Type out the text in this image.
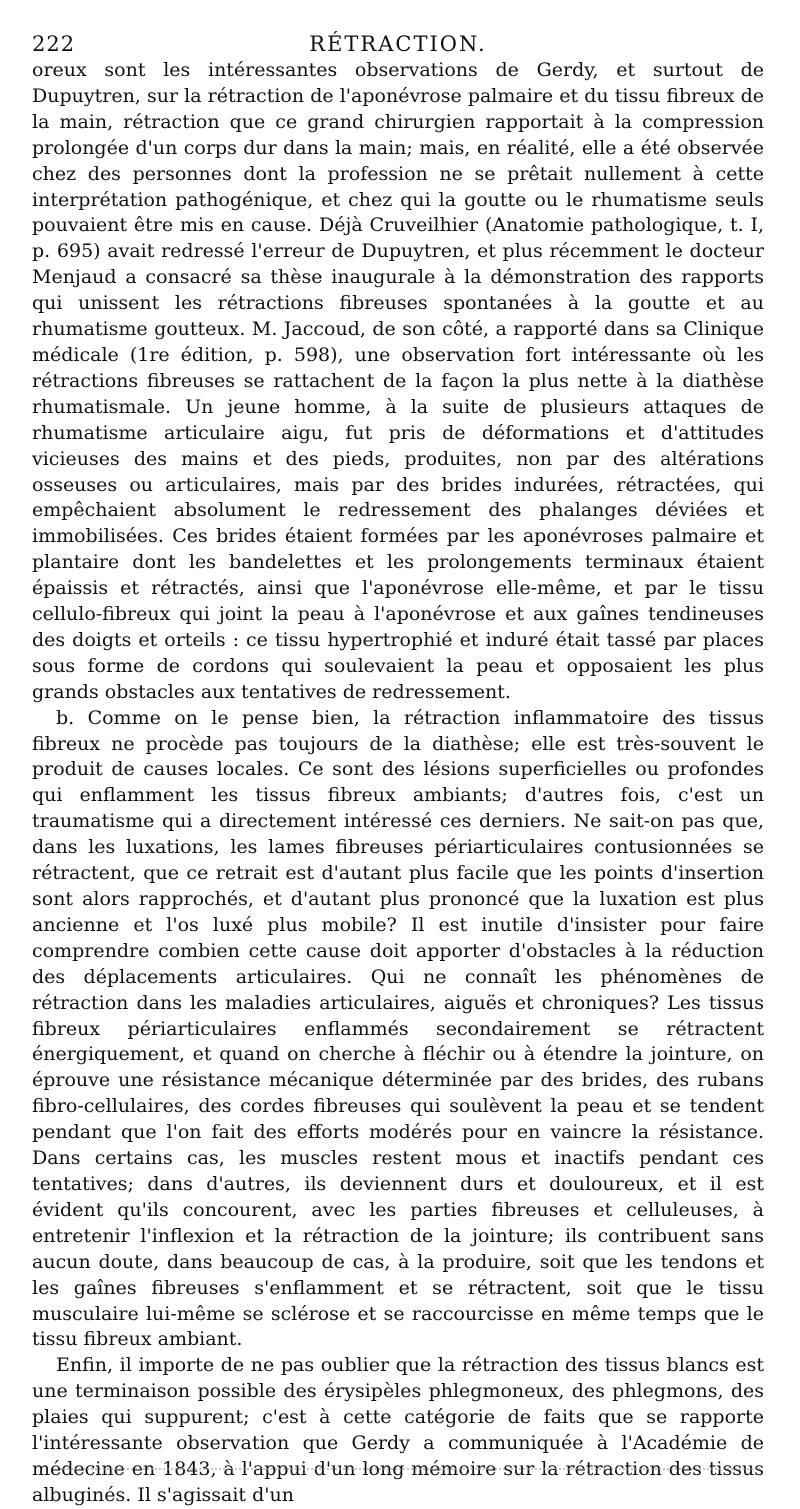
222	RÉTRACTION.

oreux sont les intéressantes observations de Gerdy, et surtout de Dupuytren, sur la rétraction de l'aponévrose palmaire et du tissu fibreux de la main, rétraction que ce grand chirurgien rapportait à la compression prolongée d'un corps dur dans la main; mais, en réalité, elle a été observée chez des personnes dont la profession ne se prêtait nullement à cette interprétation pathogénique, et chez qui la goutte ou le rhumatisme seuls pouvaient être mis en cause. Déjà Cruveilhier (Anatomie pathologique, t. I, p. 695) avait redressé l'erreur de Dupuytren, et plus récemment le docteur Menjaud a consacré sa thèse inaugurale à la démonstration des rapports qui unissent les rétractions fibreuses spontanées à la goutte et au rhumatisme goutteux. M. Jaccoud, de son côté, a rapporté dans sa Clinique médicale (1re édition, p. 598), une observation fort intéressante où les rétractions fibreuses se rattachent de la façon la plus nette à la diathèse rhumatismale. Un jeune homme, à la suite de plusieurs attaques de rhumatisme articulaire aigu, fut pris de déformations et d'attitudes vicieuses des mains et des pieds, produites, non par des altérations osseuses ou articulaires, mais par des brides indurées, rétractées, qui empêchaient absolument le redressement des phalanges déviées et immobilisées. Ces brides étaient formées par les aponévroses palmaire et plantaire dont les bandelettes et les prolongements terminaux étaient épaissis et rétractés, ainsi que l'aponévrose elle-même, et par le tissu cellulo-fibreux qui joint la peau à l'aponévrose et aux gaînes tendineuses des doigts et orteils : ce tissu hypertrophié et induré était tassé par places sous forme de cordons qui soulevaient la peau et opposaient les plus grands obstacles aux tentatives de redressement.

b. Comme on le pense bien, la rétraction inflammatoire des tissus fibreux ne procède pas toujours de la diathèse; elle est très-souvent le produit de causes locales. Ce sont des lésions superficielles ou profondes qui enflamment les tissus fibreux ambiants; d'autres fois, c'est un traumatisme qui a directement intéressé ces derniers. Ne sait-on pas que, dans les luxations, les lames fibreuses périarticulaires contusionnées se rétractent, que ce retrait est d'autant plus facile que les points d'insertion sont alors rapprochés, et d'autant plus prononcé que la luxation est plus ancienne et l'os luxé plus mobile? Il est inutile d'insister pour faire comprendre combien cette cause doit apporter d'obstacles à la réduction des déplacements articulaires. Qui ne connaît les phénomènes de rétraction dans les maladies articulaires, aiguës et chroniques? Les tissus fibreux périarticulaires enflammés secondairement se rétractent énergiquement, et quand on cherche à fléchir ou à étendre la jointure, on éprouve une résistance mécanique déterminée par des brides, des rubans fibro-cellulaires, des cordes fibreuses qui soulèvent la peau et se tendent pendant que l'on fait des efforts modérés pour en vaincre la résistance. Dans certains cas, les muscles restent mous et inactifs pendant ces tentatives; dans d'autres, ils deviennent durs et douloureux, et il est évident qu'ils concourent, avec les parties fibreuses et celluleuses, à entretenir l'inflexion et la rétraction de la jointure; ils contribuent sans aucun doute, dans beaucoup de cas, à la produire, soit que les tendons et les gaînes fibreuses s'enflamment et se rétractent, soit que le tissu musculaire lui-même se sclérose et se raccourcisse en même temps que le tissu fibreux ambiant.

Enfin, il importe de ne pas oublier que la rétraction des tissus blancs est une terminaison possible des érysipèles phlegmoneux, des phlegmons, des plaies qui suppurent; c'est à cette catégorie de faits que se rapporte l'intéressante observation que Gerdy a communiquée à l'Académie de médecine en 1843, à l'appui d'un long mémoire sur la rétraction des tissus albuginés. Il s'agissait d'un
